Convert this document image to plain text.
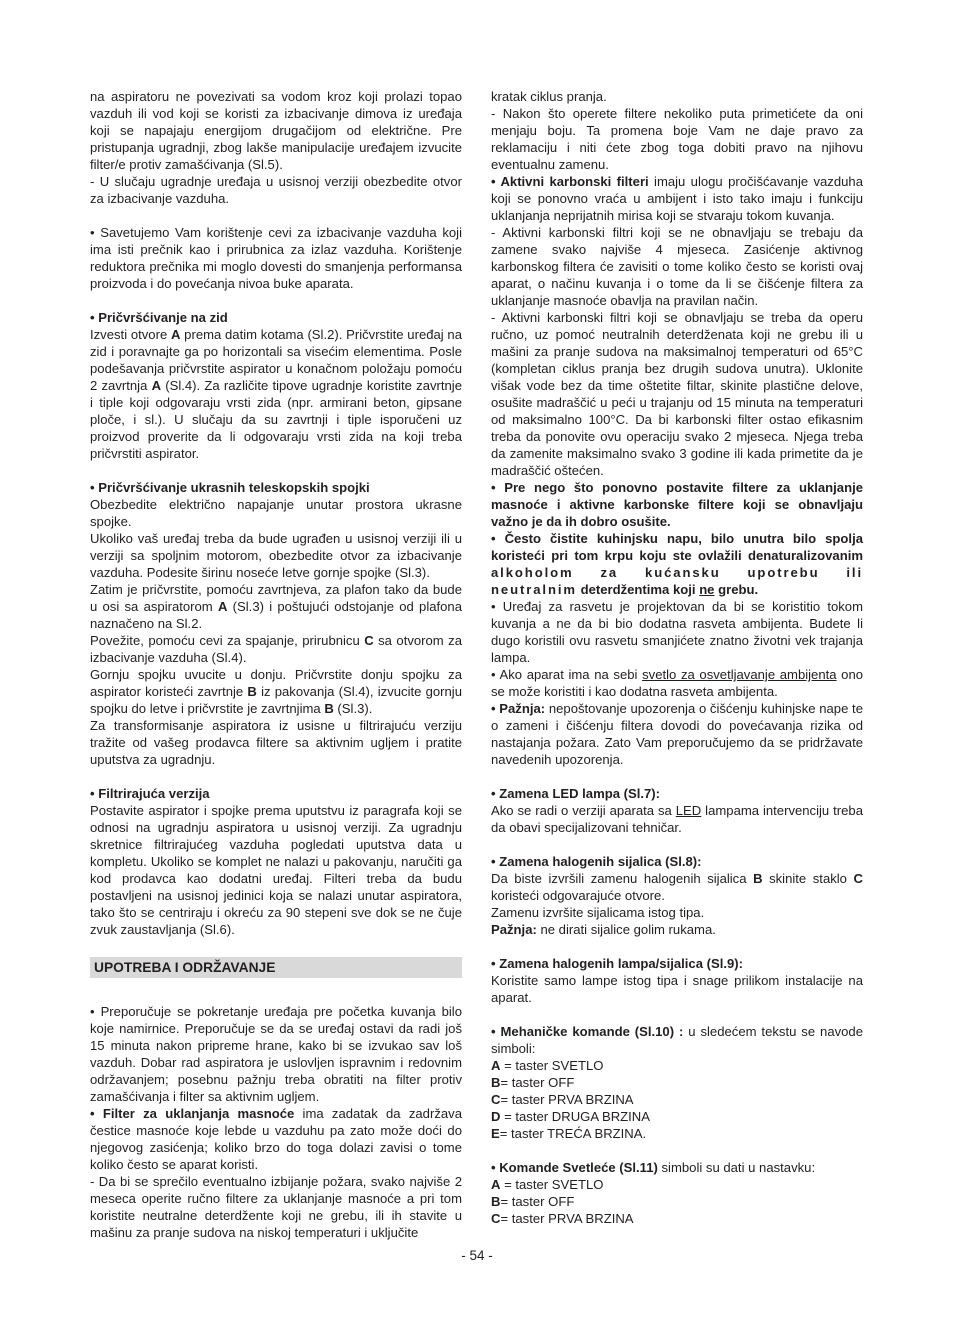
na aspiratoru ne povezivati sa vodom kroz koji prolazi topao vazduh ili vod koji se koristi za izbacivanje dimova iz uređaja koji se napajaju energijom drugačijom od električne. Pre pristupanja ugradnji, zbog lakše manipulacije uređajem izvucite filter/e protiv zamašćivanja (Sl.5).

- U slučaju ugradnje uređaja u usisnoj verziji obezbedite otvor za izbacivanje vazduha.

• Savetujemo Vam korištenje cevi za izbacivanje vazduha koji ima isti prečnik kao i prirubnica za izlaz vazduha. Korištenje reduktora prečnika mi moglo dovesti do smanjenja performansa proizvoda i do povećanja nivoa buke aparata.

• Pričvršćivanje na zid

Izvesti otvore A prema datim kotama (Sl.2). Pričvrstite uređaj na zid i poravnajte ga po horizontali sa visećim elementima. Posle podešavanja pričvrstite aspirator u konačnom položaju pomoću 2 zavrtnja A (Sl.4). Za različite tipove ugradnje koristite zavrtnje i tiple koji odgovaraju vrsti zida (npr. armirani beton, gipsane ploče, i sl.). U slučaju da su zavrtnji i tiple isporučeni uz proizvod proverite da li odgovaraju vrsti zida na koji treba pričvrstiti aspirator.

• Pričvršćivanje ukrasnih teleskopskih spojki

Obezbedite električno napajanje unutar prostora ukrasne spojke.

Ukoliko vaš uređaj treba da bude ugrađen u usisnoj verziji ili u verziji sa spoljnim motorom, obezbedite otvor za izbacivanje vazduha. Podesite širinu noseće letve gornje spojke (Sl.3).

Zatim je pričvrstite, pomoću zavrtnjeva, za plafon tako da bude u osi sa aspiratorom A (Sl.3) i poštujući odstojanje od plafona naznačeno na Sl.2.

Povežite, pomoću cevi za spajanje, prirubnicu C sa otvorom za izbacivanje vazduha (Sl.4).

Gornju spojku uvucite u donju. Pričvrstite donju spojku za aspirator koristeći zavrtnje B iz pakovanja (Sl.4), izvucite gornju spojku do letve i pričvrstite je zavrtnjima B (Sl.3).

Za transformisanje aspiratora iz usisne u filtrirajuću verziju tražite od vašeg prodavca filtere sa aktivnim ugljem i pratite uputstva za ugradnju.

• Filtrirajuća verzija

Postavite aspirator i spojke prema uputstvu iz paragrafa koji se odnosi na ugradnju aspiratora u usisnoj verziji. Za ugradnju skretnice filtrirajućeg vazduha pogledati uputstva data u kompletu. Ukoliko se komplet ne nalazi u pakovanju, naručiti ga kod prodavca kao dodatni uređaj. Filteri treba da budu postavljeni na usisnoj jedinici koja se nalazi unutar aspiratora, tako što se centriraju i okreću za 90 stepeni sve dok se ne čuje zvuk zaustavljanja (Sl.6).

UPOTREBA I ODRŽAVANJE

• Preporučuje se pokretanje uređaja pre početka kuvanja bilo koje namirnice. Preporučuje se da se uređaj ostavi da radi još 15 minuta nakon pripreme hrane, kako bi se izvukao sav loš vazduh. Dobar rad aspiratora je uslovljen ispravnim i redovnim održavanjem; posebnu pažnju treba obratiti na filter protiv zamašćivanja i filter sa aktivnim ugljem.

• Filter za uklanjanja masnoće ima zadatak da zadržava čestice masnoće koje lebde u vazduhu pa zato može doći do njegovog zasićenja; koliko brzo do toga dolazi zavisi o tome koliko često se aparat koristi.

- Da bi se sprečilo eventualno izbijanje požara, svako najviše 2 meseca operite ručno filtere za uklanjanje masnoće a pri tom koristite neutralne deterdžente koji ne grebu, ili ih stavite u mašinu za pranje sudova na niskoj temperaturi i uključite

kratak ciklus pranja.

- Nakon što operete filtere nekoliko puta primetićete da oni menjaju boju. Ta promena boje Vam ne daje pravo za reklamaciju i niti ćete zbog toga dobiti pravo na njihovu eventualnu zamenu.

• Aktivni karbonski filteri imaju ulogu pročišćavanje vazduha koji se ponovno vraća u ambijent i isto tako imaju i funkciju uklanjanja neprijatnih mirisa koji se stvaraju tokom kuvanja.

- Aktivni karbonski filtri koji se ne obnavljaju se trebaju da zamene svako najviše 4 mjeseca. Zasićenje aktivnog karbonskog filtera će zavisiti o tome koliko često se koristi ovaj aparat, o načinu kuvanja i o tome da li se čišćenje filtera za uklanjanje masnoće obavlja na pravilan način.

- Aktivni karbonski filtri koji se obnavljaju se treba da operu ručno, uz pomoć neutralnih deterdženata koji ne grebu ili u mašini za pranje sudova na maksimalnoj temperaturi od 65°C (kompletan ciklus pranja bez drugih sudova unutra). Uklonite višak vode bez da time oštetite filtar, skinite plastične delove, osušite madraščić u peći u trajanju od 15 minuta na temperaturi od maksimalno 100°C. Da bi karbonski filter ostao efikasnim treba da ponovite ovu operaciju svako 2 mjeseca. Njega treba da zamenite maksimalno svako 3 godine ili kada primetite da je madraščić oštećen.

• Pre nego što ponovno postavite filtere za uklanjanje masnoće i aktivne karbonske filtere koji se obnavljaju važno je da ih dobro osušite.

• Često čistite kuhinjsku napu, bilo unutra bilo spolja koristeći pri tom krpu koju ste ovlažili denaturalizovanim alkoholom za kućansku upotrebu ili neutralnim deterdžentima koji ne grebu.

• Uređaj za rasvetu je projektovan da bi se koristitio tokom kuvanja a ne da bi bio dodatna rasveta ambijenta. Budete li dugo koristili ovu rasvetu smanjićete znatno životni vek trajanja lampa.

• Ako aparat ima na sebi svetlo za osvetljavanje ambijenta ono se može koristiti i kao dodatna rasveta ambijenta.

• Pažnja: nepoštovanje upozorenja o čišćenju kuhinjske nape te o zameni i čišćenju filtera dovodi do povećavanja rizika od nastajanja požara. Zato Vam preporučujemo da se pridržavate navedenih upozorenja.

• Zamena LED lampa (Sl.7):

Ako se radi o verziji aparata sa LED lampama intervenciju treba da obavi specijalizovani tehničar.

• Zamena halogenih sijalica (Sl.8):

Da biste izvršili zamenu halogenih sijalica B skinite staklo C koristeći odgovarajuće otvore.

Zamenu izvršite sijalicama istog tipa.

Pažnja: ne dirati sijalice golim rukama.

• Zamena halogenih lampa/sijalica (Sl.9):

Koristite samo lampe istog tipa i snage prilikom instalacije na aparat.

• Mehaničke komande (Sl.10) : u sledećem tekstu se navode simboli:

A = taster SVETLO

B= taster OFF

C= taster PRVA BRZINA

D = taster DRUGA BRZINA

E= taster TREĆA BRZINA.

• Komande Svetleće (Sl.11) simboli su dati u nastavku:

A = taster SVETLO

B= taster OFF

C= taster PRVA BRZINA

- 54 -
